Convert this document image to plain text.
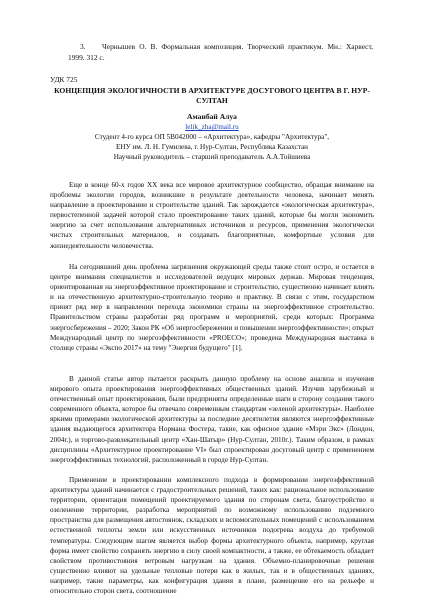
3. Чернышев О. В. Формальная композиция. Творческий практикум. Мн.: Харвест, 1999. 312 с.

УДК 725

КОНЦЕПЦИЯ ЭКОЛОГИЧНОСТИ В АРХИТЕКТУРЕ ДОСУГОВОГО ЦЕНТРА В Г. НУР-СУЛТАН

Аманбай Алуа

lelik_zha@mail.ru
Студент 4-го курса ОП 5В042000 – «Архитектура», кафедры "Архитектура",
ЕНУ им. Л. Н. Гумилева, г. Нур-Султан, Республика Казахстан
Научный руководитель – старший преподаватель А.А.Тойшиева

Еще в конце 60-х годов XX века все мировое архитектурное сообщество, обращая внимание на проблемы экологии городов, возникшие в результате деятельности человека, начинает менять направление в проектировании и строительстве зданий. Так зарождается «экологическая архитектура», первостепенной задачей которой стало проектирование таких зданий, которые бы могли экономить энергию за счет использования альтернативных источников и ресурсов, применения экологически чистых строительных материалов, и создавать благоприятные, комфортные условия для жизнедеятельности человечества.

На сегодняшний день проблема загрязнения окружающей среды также стоит остро, и остается в центре внимания специалистов и исследователей ведущих мировых держав. Мировая тенденция, ориентированная на энергоэффективное проектирование и строительство, существенно начинает влиять и на отечественную архитектурно-строительную теорию и практику. В связи с этим, государством принят ряд мер в направлении перехода экономики страны на энергоэффективное строительство. Правительством страны разработан ряд программ и мероприятий, среди которых: Программа энергосбережения – 2020; Закон РК «Об энергосбережении и повышении энергоэффективности»; открыт Международный центр по энергоэффективности «PROECO»; проведена Международная выставка в столице страны «Экспо 2017» на тему "Энергия будущего" [1].

В данной статье автор пытается раскрыть данную проблему на основе анализа и изучения мирового опыта проектирования энергоэффективных общественных зданий. Изучив зарубежный и отечественный опыт проектирования, были предприняты определенные шаги в сторону создания такого современного объекта, которое бы отвечало современным стандартам «зеленой архитектуры». Наиболее яркими примерами экологической архитектуры за последние десятилетия являются энергоэффективные здания выдающегося архитектора Нормана Фостера, такие, как офисное здание «Мэри Экс» (Лондон, 2004г.), и торгово-развлекательный центр «Хан-Шатыр» (Нур-Султан, 2010г.). Таким образом, в рамках дисциплины «Архитектурное проектирование VI» был спроектирован досуговый центр с применением энергоэффективных технологий, расположенный в городе Нур-Султан.

Применение в проектировании комплексного подхода в формировании энергоэффективной архитектуры зданий начинается с градостроительных решений, таких как: рациональное использование территории, ориентация помещений проектируемого здания по сторонам света, благоустройство и озеленение территории, разработка мероприятий по возможному использованию подземного пространства для размещения автостоянок, складских и вспомогательных помещений с использованием естественной теплоты земли или искусственных источников подогрева воздуха до требуемой температуры. Следующим шагом является выбор формы архитектурного объекта, например, круглая форма имеет свойство сохранять энергию в силу своей компактности, а также, ее обтекаемость обладает свойством противостояния ветровым нагрузкам на здания. Объемно-планировочные решения существенно влияют на удельные тепловые потери как в жилых, так и в общественных зданиях, например, такие параметры, как конфигурация здания в плане, размещение его на рельефе и относительно сторон света, соотношение
